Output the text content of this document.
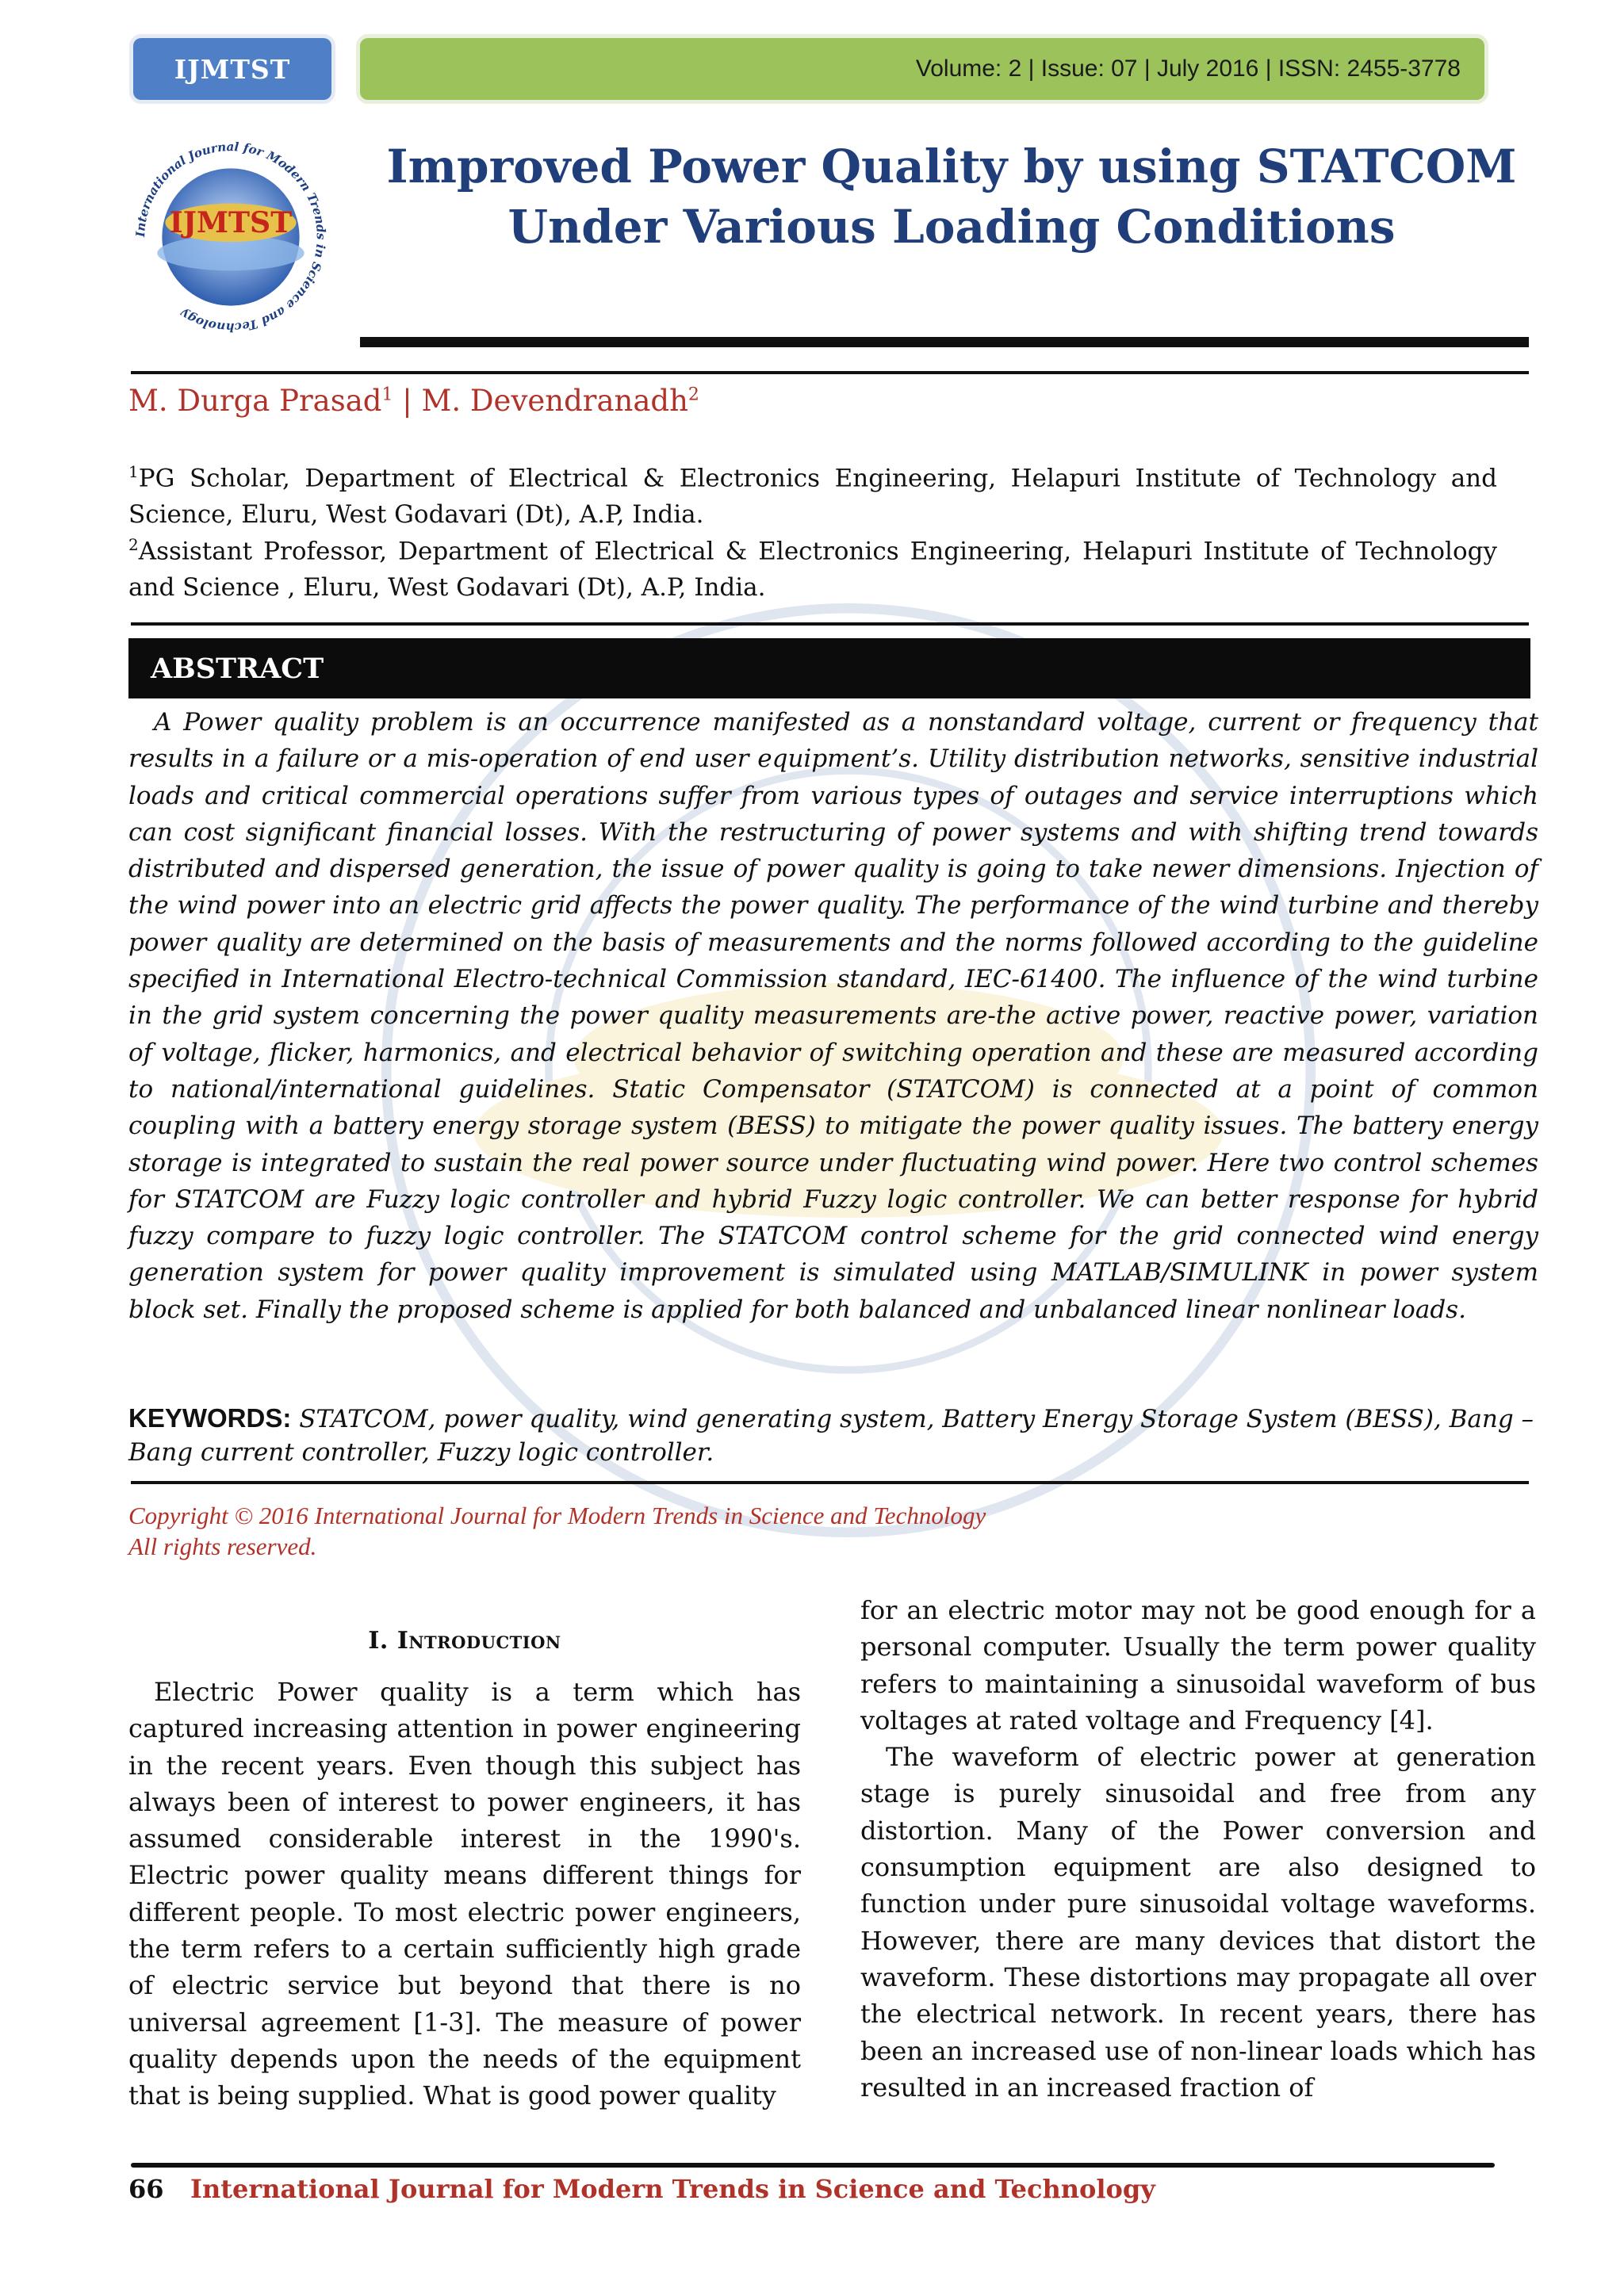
IJMTST	Volume: 2 | Issue: 07 | July 2016 | ISSN: 2455-3778
IJMTST
International Journal for Modern Trends in Science and Technology
Improved Power Quality by using STATCOM
Under Various Loading Conditions
M. Durga Prasad$^1$ | M. Devendranadh$^2$
$^1$PG Scholar, Department of Electrical & Electronics Engineering, Helapuri Institute of Technology and Science, Eluru, West Godavari (Dt), A.P, India.
$^2$Assistant Professor, Department of Electrical & Electronics Engineering, Helapuri Institute of Technology and Science , Eluru, West Godavari (Dt), A.P, India.
ABSTRACT
A Power quality problem is an occurrence manifested as a nonstandard voltage, current or frequency that results in a failure or a mis-operation of end user equipment’s. Utility distribution networks, sensitive industrial loads and critical commercial operations suffer from various types of outages and service interruptions which can cost significant financial losses. With the restructuring of power systems and with shifting trend towards distributed and dispersed generation, the issue of power quality is going to take newer dimensions. Injection of the wind power into an electric grid affects the power quality. The performance of the wind turbine and thereby power quality are determined on the basis of measurements and the norms followed according to the guideline specified in International Electro-technical Commission standard, IEC-61400. The influence of the wind turbine in the grid system concerning the power quality measurements are-the active power, reactive power, variation of voltage, flicker, harmonics, and electrical behavior of switching operation and these are measured according to national/international guidelines. Static Compensator (STATCOM) is connected at a point of common coupling with a battery energy storage system (BESS) to mitigate the power quality issues. The battery energy storage is integrated to sustain the real power source under fluctuating wind power. Here two control schemes for STATCOM are Fuzzy logic controller and hybrid Fuzzy logic controller. We can better response for hybrid fuzzy compare to fuzzy logic controller. The STATCOM control scheme for the grid connected wind energy generation system for power quality improvement is simulated using MATLAB/SIMULINK in power system block set. Finally the proposed scheme is applied for both balanced and unbalanced linear nonlinear loads.
KEYWORDS: STATCOM, power quality, wind generating system, Battery Energy Storage System (BESS), Bang –Bang current controller, Fuzzy logic controller.
Copyright © 2016 International Journal for Modern Trends in Science and Technology
All rights reserved.
I. Introduction

Electric Power quality is a term which has captured increasing attention in power engineering in the recent years. Even though this subject has always been of interest to power engineers, it has assumed considerable interest in the 1990's. Electric power quality means different things for different people. To most electric power engineers, the term refers to a certain sufficiently high grade of electric service but beyond that there is no universal agreement [1-3]. The measure of power quality depends upon the needs of the equipment that is being supplied. What is good power quality

for an electric motor may not be good enough for a personal computer. Usually the term power quality refers to maintaining a sinusoidal waveform of bus voltages at rated voltage and Frequency [4].

The waveform of electric power at generation stage is purely sinusoidal and free from any distortion. Many of the Power conversion and consumption equipment are also designed to function under pure sinusoidal voltage waveforms. However, there are many devices that distort the waveform. These distortions may propagate all over the electrical network. In recent years, there has been an increased use of non-linear loads which has resulted in an increased fraction of

66 International Journal for Modern Trends in Science and Technology
